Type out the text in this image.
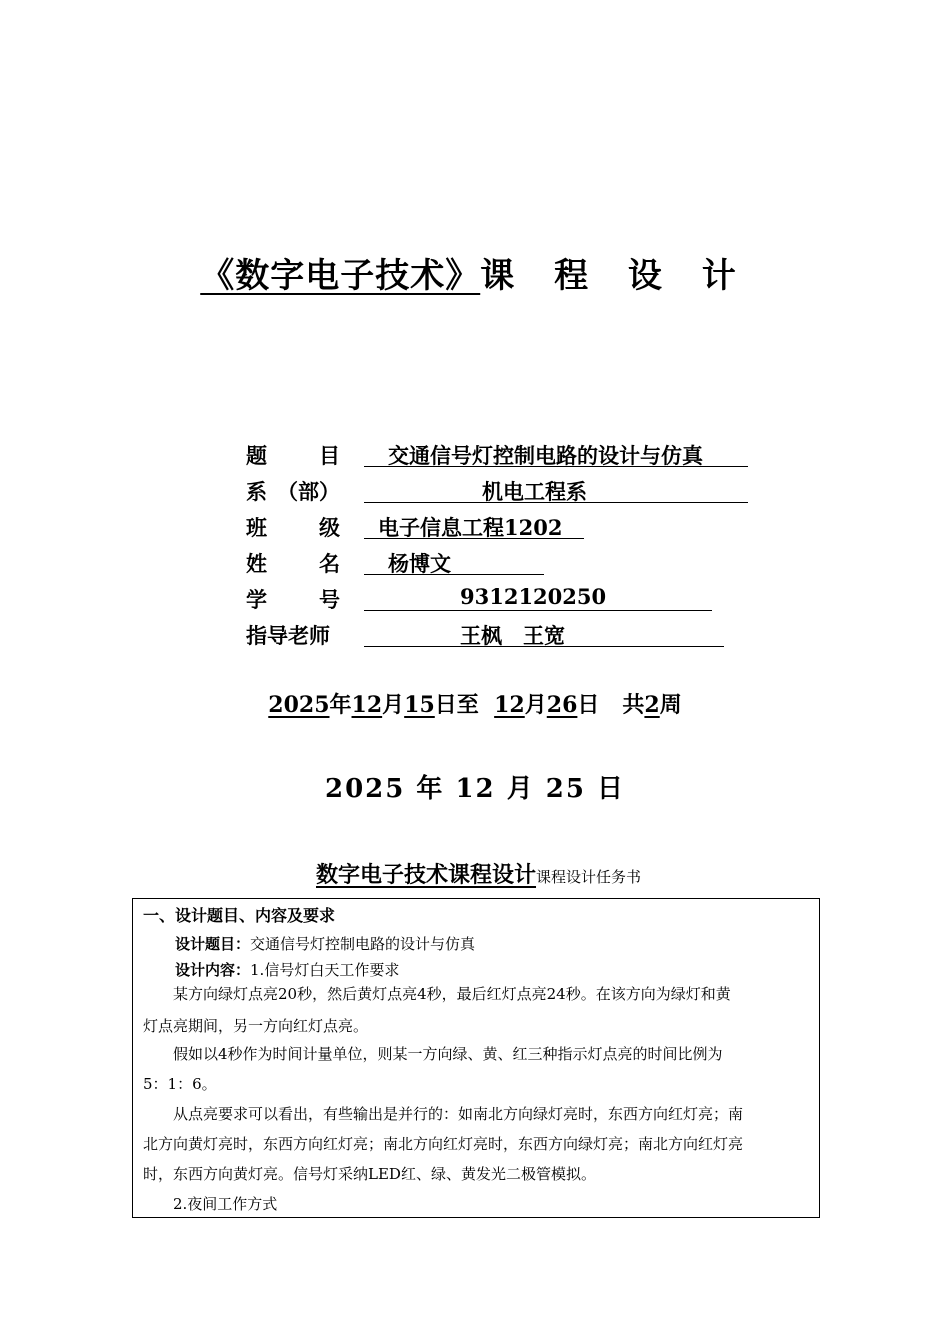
《数字电子技术》课 程 设 计
题 目	交通信号灯控制电路的设计与仿真
系 （部）	机电工程系
班 级	电子信息工程1202
姓 名	杨博文
学 号	9312120250
指导老师	王枫　王宽
2025年12月15日至 12月26日 共2周
2025 年 12 月 25 日
数字电子技术课程设计课程设计任务书
一、设计题目、内容及要求
设计题目：交通信号灯控制电路的设计与仿真
设计内容：1.信号灯白天工作要求
　　某方向绿灯点亮20秒，然后黄灯点亮4秒，最后红灯点亮24秒。在该方向为绿灯和黄
灯点亮期间，另一方向红灯点亮。
　　假如以4秒作为时间计量单位，则某一方向绿、黄、红三种指示灯点亮的时间比例为
5：1：6。
　　从点亮要求可以看出，有些输出是并行的：如南北方向绿灯亮时，东西方向红灯亮；南
北方向黄灯亮时，东西方向红灯亮；南北方向红灯亮时，东西方向绿灯亮；南北方向红灯亮
时，东西方向黄灯亮。信号灯采纳LED红、绿、黄发光二极管模拟。
　　2.夜间工作方式
